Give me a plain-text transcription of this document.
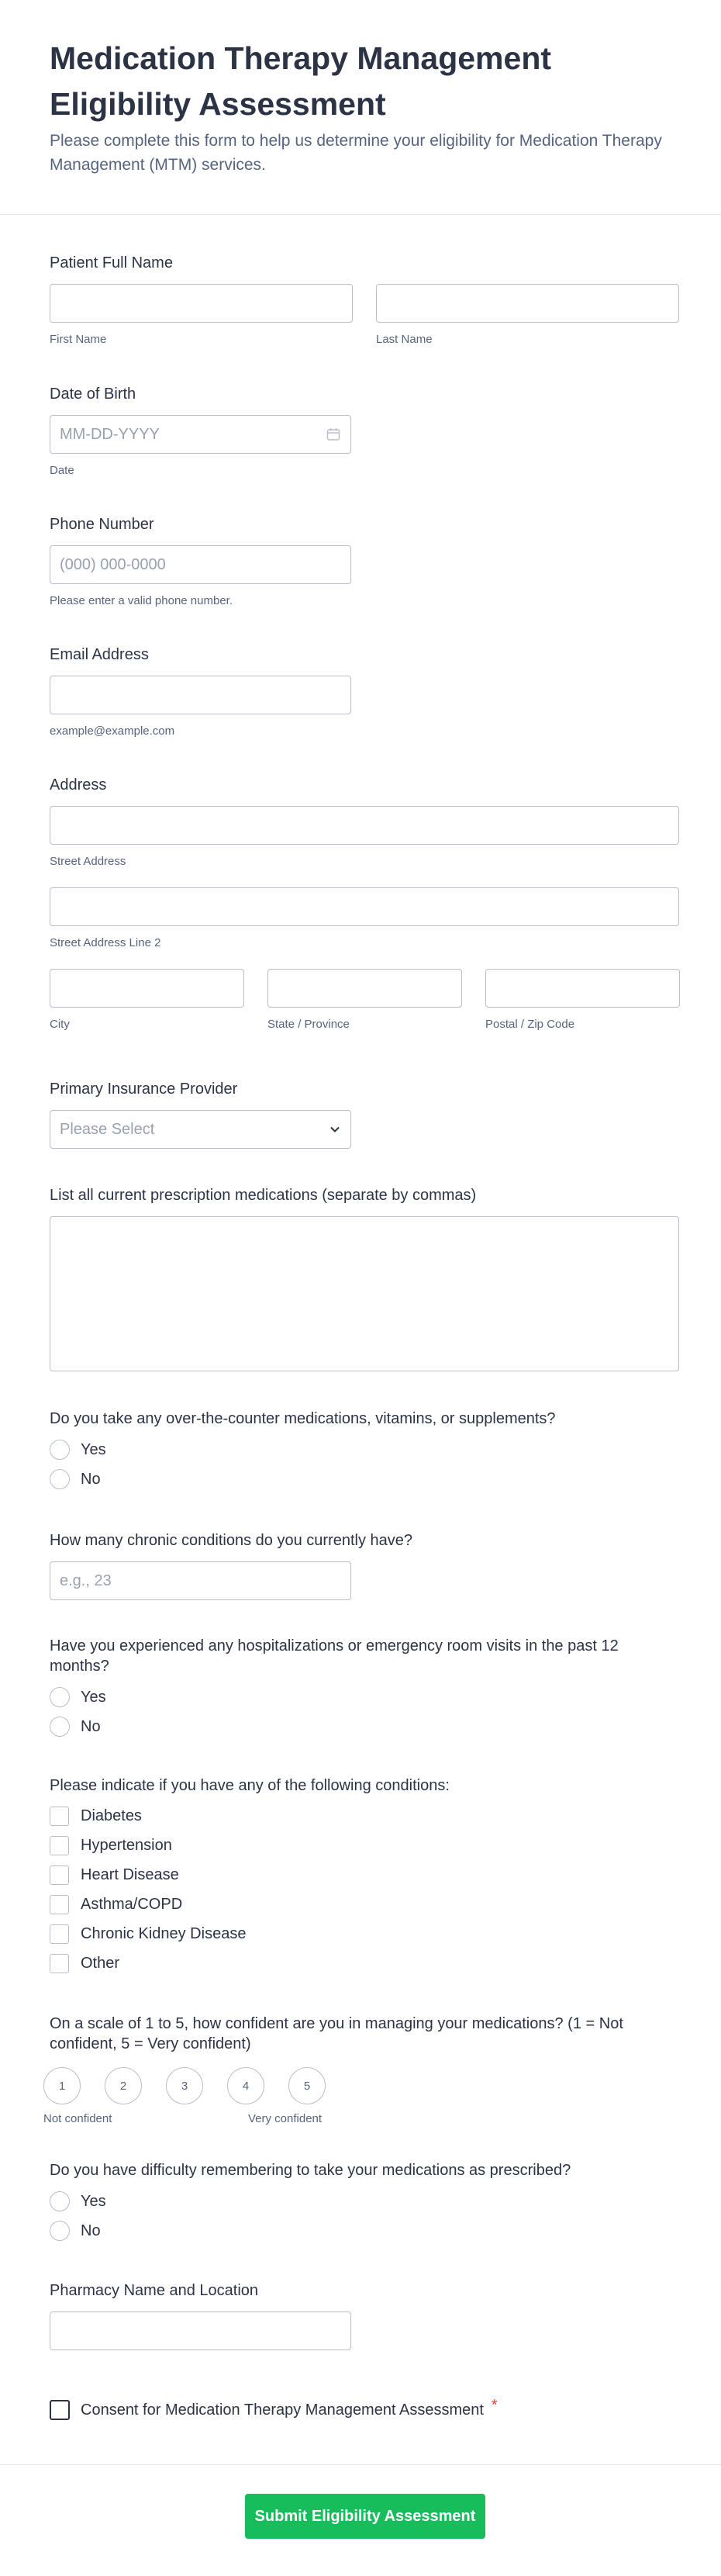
Medication Therapy Management Eligibility Assessment

Please complete this form to help us determine your eligibility for Medication Therapy Management (MTM) services.

Patient Full Name
First Name	Last Name
Date of Birth
MM-DD-YYYY
Date
Phone Number
(000) 000-0000
Please enter a valid phone number.
Email Address
example@example.com
Address
Street Address
Street Address Line 2
City	State / Province	Postal / Zip Code
Primary Insurance Provider
Please Select
List all current prescription medications (separate by commas)
Do you take any over-the-counter medications, vitamins, or supplements?
Yes
No
How many chronic conditions do you currently have?
e.g., 23
Have you experienced any hospitalizations or emergency room visits in the past 12 months?
Yes
No
Please indicate if you have any of the following conditions:
Diabetes
Hypertension
Heart Disease
Asthma/COPD
Chronic Kidney Disease
Other
On a scale of 1 to 5, how confident are you in managing your medications? (1 = Not confident, 5 = Very confident)
1	2	3	4	5
Not confident	Very confident
Do you have difficulty remembering to take your medications as prescribed?
Yes
No
Pharmacy Name and Location
Consent for Medication Therapy Management Assessment *
Submit Eligibility Assessment
